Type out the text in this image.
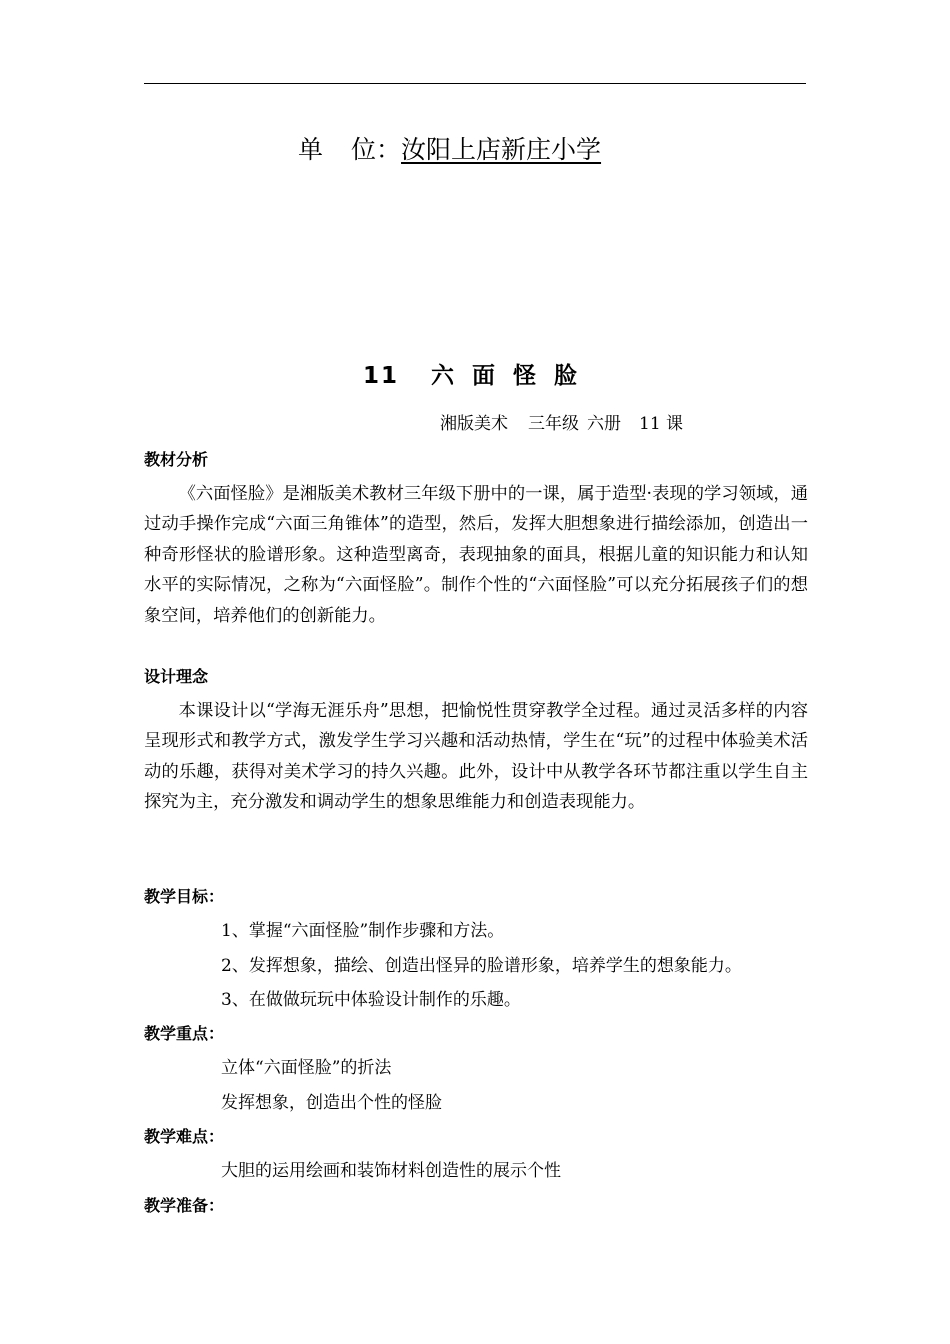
单 位：汝阳上店新庄小学
11 六 面 怪 脸
湘版美术 三年级 六册 11 课
教材分析
《六面怪脸》是湘版美术教材三年级下册中的一课，属于造型·表现的学习领域，通过动手操作完成“六面三角锥体”的造型，然后，发挥大胆想象进行描绘添加，创造出一种奇形怪状的脸谱形象。这种造型离奇，表现抽象的面具，根据儿童的知识能力和认知水平的实际情况，之称为“六面怪脸”。制作个性的“六面怪脸”可以充分拓展孩子们的想象空间，培养他们的创新能力。
设计理念
本课设计以“学海无涯乐舟”思想，把愉悦性贯穿教学全过程。通过灵活多样的内容呈现形式和教学方式，激发学生学习兴趣和活动热情，学生在“玩”的过程中体验美术活动的乐趣，获得对美术学习的持久兴趣。此外，设计中从教学各环节都注重以学生自主探究为主，充分激发和调动学生的想象思维能力和创造表现能力。
教学目标：
1、掌握“六面怪脸”制作步骤和方法。
2、发挥想象，描绘、创造出怪异的脸谱形象，培养学生的想象能力。
3、在做做玩玩中体验设计制作的乐趣。
教学重点：
立体“六面怪脸”的折法
发挥想象，创造出个性的怪脸
教学难点：
大胆的运用绘画和装饰材料创造性的展示个性
教学准备：
